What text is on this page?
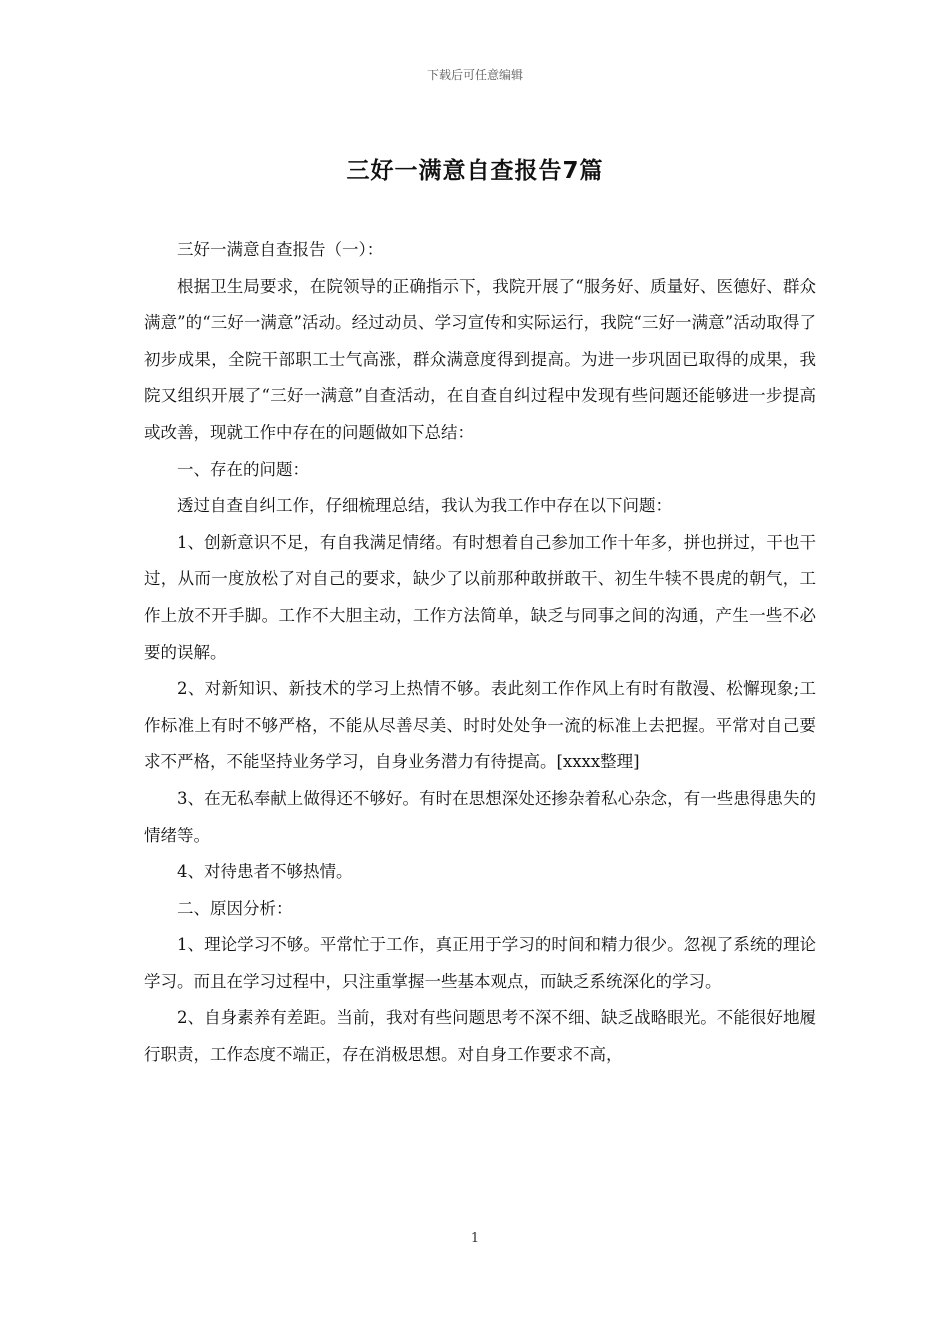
下载后可任意编辑
三好一满意自查报告7篇

三好一满意自查报告（一）：

根据卫生局要求，在院领导的正确指示下，我院开展了“服务好、质量好、医德好、群众满意”的“三好一满意”活动。经过动员、学习宣传和实际运行，我院“三好一满意”活动取得了初步成果，全院干部职工士气高涨，群众满意度得到提高。为进一步巩固已取得的成果，我院又组织开展了“三好一满意”自查活动，在自查自纠过程中发现有些问题还能够进一步提高或改善，现就工作中存在的问题做如下总结：

一、存在的问题：

透过自查自纠工作，仔细梳理总结，我认为我工作中存在以下问题：

1、创新意识不足，有自我满足情绪。有时想着自己参加工作十年多，拼也拼过，干也干过，从而一度放松了对自己的要求，缺少了以前那种敢拼敢干、初生牛犊不畏虎的朝气，工作上放不开手脚。工作不大胆主动，工作方法简单，缺乏与同事之间的沟通，产生一些不必要的误解。

2、对新知识、新技术的学习上热情不够。表此刻工作作风上有时有散漫、松懈现象;工作标准上有时不够严格，不能从尽善尽美、时时处处争一流的标准上去把握。平常对自己要求不严格，不能坚持业务学习，自身业务潜力有待提高。[xxxx整理]

3、在无私奉献上做得还不够好。有时在思想深处还掺杂着私心杂念，有一些患得患失的情绪等。

4、对待患者不够热情。

二、原因分析：

1、理论学习不够。平常忙于工作，真正用于学习的时间和精力很少。忽视了系统的理论学习。而且在学习过程中，只注重掌握一些基本观点，而缺乏系统深化的学习。

2、自身素养有差距。当前，我对有些问题思考不深不细、缺乏战略眼光。不能很好地履行职责，工作态度不端正，存在消极思想。对自身工作要求不高，

1
